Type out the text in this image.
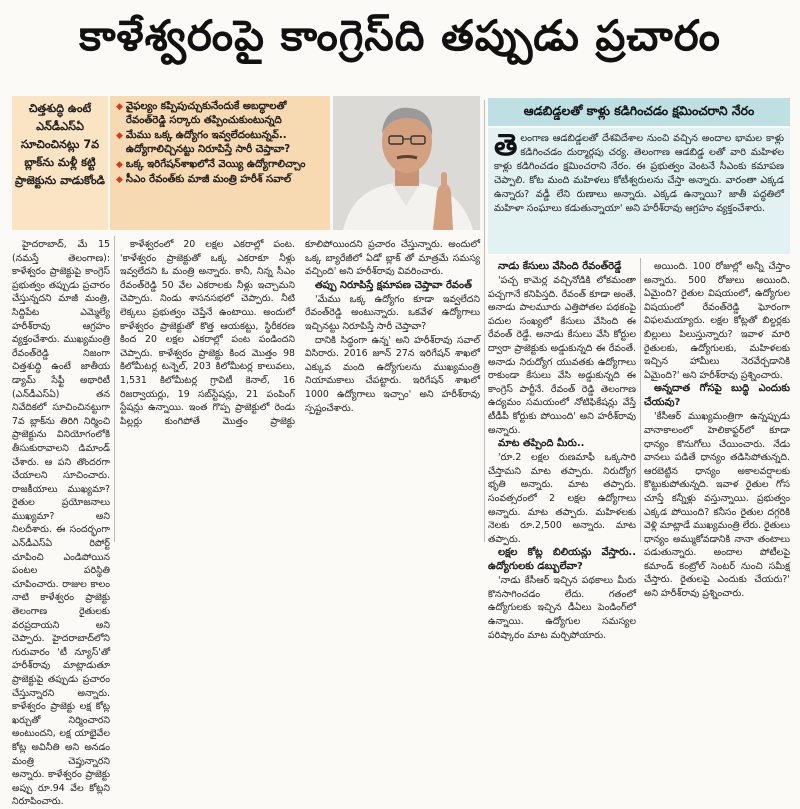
కాళేశ్వరంపై కాంగ్రెస్‌ది తప్పుడు ప్రచారం
చిత్తశుద్ధి ఉంటే ఎన్‌డీఎస్‌ఏ సూచించినట్లు 7వ బ్లాక్‌ను మళ్లీ కట్టి ప్రాజెక్టును వాడుకోండి
◆ వైఫల్యం కప్పిపుచ్చుకునేందుకే అబద్ధాలతో రేవంత్‌రెడ్డి సర్కారు తప్పించుకుంటున్నది
◆ మేము ఒక్క ఉద్యోగం ఇవ్వలేదంటున్నవ్‌.. ఉద్యోగాలిచ్చినట్టు నిరూపిస్తే సారీ చెప్తావా?
◆ ఒక్క ఇరిగేషన్‌శాఖలోనే వెయ్యి ఉద్యోగాలిచ్చాం
◆ సీఎం రేవంత్‌కు మాజీ మంత్రి హరీశ్‌ సవాల్‌
ఆడబిడ్డలతో కాళ్లు కడిగించడం క్షమించరాని నేరం
తె లంగాణ ఆడబిడ్డలతో దేశవిదేశాల నుంచి వచ్చిన అందాల భామల కాళ్లు కడిగించడం దుర్మార్గపు చర్య. తెలంగాణ ఆడబిడ్డ లతో వారి మహిళల కాళ్లు కడిగించడం క్షమించరాని నేరం. ఈ ప్రభుత్వం వెంటనే సీఎంకు కమాపణ చెప్పాలి. కోట మంది మహిళలు కోటీశ్వరులను చేస్తా అన్నారు. వారంతా ఎక్కడ ఉన్నారు? వడ్డీ లేని రుణాలు అన్నారు. ఎక్కడ ఉన్నాయి? జాతీ పద్ధతిలో మహిళా సంఘాలు కడుతున్నాయా' అని హరీశ్‌రావు ఆగ్రహం వ్యక్తంచేశారు.

హైదరాబాద్‌, మే 15 (నమస్తే తెలంగాణ): కాళేశ్వరం ప్రాజెక్టుపై కాంగ్రెస్‌ ప్రభుత్వం తప్పుడు ప్రచారం చేస్తున్నదని మాజీ మంత్రి, సిద్దిపేట ఎమ్మెల్యే హరీశ్‌రావు ఆగ్రహం వ్యక్తంచేశారు. ముఖ్యమంత్రి రేవంత్‌రెడ్డి నిజంగా చిత్తశుద్ధి ఉంటే జాతీయ డ్యామ్‌ సేఫ్టీ అథారిటీ (ఎన్‌డీఎస్‌ఏ) తన నివేదికలో సూచించినట్టుగా 7వ బ్లాక్‌ను తిరిగి నిర్మించి ప్రాజెక్టును వినియోగంలోకి తీసుకురావాలని డిమాండ్‌ చేశారు. ఆ పని తొందరగా చేయాలని సూచించారు. రాజకీయాలు ముఖ్యమా? రైతుల ప్రయోజనాలు ముఖ్యమా? అని నిలదీశారు. ఈ సందర్భంగా ఎన్‌డీఎస్‌ఏ రిపోర్ట్‌ చూపించి ఎండిపోయిన పంటల పరిస్థితి చూపించారు. రాజుల కాలం నాటి కాళేశ్వరం ప్రాజెక్టు తెలంగాణ రైతులకు వరప్రదాయని అని చెప్పారు. హైదరాబాద్‌లోని గురువారం 'టీ న్యూస్‌'తో హరీశ్‌రావు మాట్లాడుతూ ప్రాజెక్టుపై తప్పుడు ప్రచారం చేస్తున్నారని అన్నారు. కాళేశ్వరం ప్రాజెక్టు లక్ష కోట్ల ఖర్చుతో నిర్మించారని అంటుందని, లక్ష యాభైవేల కోట్ల అవినీతి అని అనడం మంత్రి చెప్తున్నారని అన్నారు. కాళేశ్వరం ప్రాజెక్టు అప్పు రూ.94 వేల కోట్లని నిరూపించారు.

కాళేశ్వరంలో 20 లక్షల ఎకరాల్లో పంట. 'కాళేశ్వరం ప్రాజెక్టుతో ఒక్క ఎకరాకూ నీళ్లు ఇవ్వలేదని ఓ మంత్రి అన్నారు. కానీ, నిన్న సీఎం రేవంత్‌రెడ్డి 50 వేల ఎకరాలకు నీళ్లు ఇచ్చామని చెప్పారు. నిండు శాసనసభలో చెప్పారు. నీటి లెక్కలు ప్రభుత్వం చెప్తేనే ఉంటాయి. అందులో కాళేశ్వరం ప్రాజెక్టుతో కొత్త ఆయకట్టు, స్థిరీకరణ కింద 20 లక్షల ఎకరాల్లో పంట పండిందని చెప్పారు. కాళేశ్వరం ప్రాజెక్టు కింద మొత్తం 98 కిలోమీటర్ల టన్నెల్‌, 203 కిలోమీటర్ల కాలువలు, 1,531 కిలోమీటర్ల గ్రావిటీ కెనాల్‌, 16 రిజర్వాయర్లు, 19 సబ్‌స్టేషన్లు, 21 పంపింగ్‌ స్టేషన్లు ఉన్నాయి. ఇంత గొప్ప ప్రాజెక్టులో రెండు పిల్లర్లు కుంగిపోతే మొత్తం ప్రాజెక్టు కూలిపోయిందని ప్రచారం చేస్తున్నారు. అందులో ఒక్క బ్యారేజీలో ఏడో బ్లాక్‌ తో మాత్రమే సమస్య వచ్చింది' అని హరీశ్‌రావు వివరించారు.

తప్పు నిరూపిస్తే క్షమాపణ చెప్తావా రేవంత్‌

'మేము ఒక్క ఉద్యోగం కూడా ఇవ్వలేదని రేవంత్‌రెడ్డి అంటున్నారు. ఒకవేళ ఉద్యోగాలు ఇచ్చినట్టు నిరూపిస్తే సారీ చెప్తావా?

దానికి సిద్ధంగా ఉన్న' అని హరీశ్‌రావు సవాల్‌ విసిరారు. 2016 జూన్‌ 27న ఇరిగేషన్‌ శాఖలో ఎక్కువ మంది ఉద్యోగులను ముఖ్యమంత్రి నియామకాలు చేపట్టారు. ఇరిగేషన్‌ శాఖలో 1000 ఉద్యోగాలు ఇచ్చాం' అని హరీశ్‌రావు స్పష్టంచేశారు.

నాడు కేసులు వేసింది రేవంత్‌రెడ్డే

'పచ్చ కామెర్ల వచ్చినోడికి లోకమంతా పచ్చగానే కనిపిస్తది. రేవంత్‌ కూడా అంతే. అనాడు పాలమూరు ఎత్తిపోతల పథకంపై పదుల సంఖ్యలో కేసులు వేసింది ఈ రేవంత్‌ రెడ్డే. అనాడు కేసులు వేసి కోర్టుల ద్వారా ప్రాజెక్టుకు అడ్డుకున్నది ఈ రేవంతే. అనాడు నిరుద్యోగ యువతకు ఉద్యోగాలు రాకుండా కేసులు వేసి అడ్డుకున్నది ఈ కాంగ్రెస్‌ పార్టీనే. రేవంత్‌ రెడ్డి తెలంగాణ ఉద్యమం సమయంలో నోటిఫికేషన్లు వేస్తే టీడీపీ కోర్టుకు పోయింది' అని హరీశ్‌రావు అన్నారు.

మాట తప్పింది మీరు..

'రూ.2 లక్షల రుణమాఫీ ఒక్కసారి చేస్తామని మాట తప్పారు. నిరుద్యోగ భృతి అన్నారు. మాట తప్పారు. సంవత్సరంలో 2 లక్షల ఉద్యోగాలు అన్నారు. మాట తప్పారు. మహిళలకు నెలకు రూ.2,500 అన్నారు. మాట తప్పారు.

లక్షల కోట్ల బిలియన్లు వేస్తారు.. ఉద్యోగులకు డబ్బులేవా?

'నాడు కేసీఆర్‌ ఇచ్చిన పథకాలు మీరు కొనసాగించడం లేదు. గతంలో ఉద్యోగులకు ఇచ్చిన డీఏలు పెండింగ్‌లో ఉన్నాయి. ఉద్యోగుల సమస్యల పరిష్కారం మాట మర్చిపోయారు.

అయింది. 100 రోజుల్లో అన్నీ చేస్తాం అన్నారు. 500 రోజులు అయింది. ఏమైంది? రైతుల విషయంలో, ఉద్యోగుల విషయంలో రేవంత్‌రెడ్డి ఘోరంగా విఫలమయ్యారు. లక్షల కోట్లతో బిల్డర్లకు బిల్లులు పిలుస్తున్నారు? ఇవాళ మారి రైతులకు, ఉద్యోగులకు, మహిళలకు ఇచ్చిన హామీలు నెరవేర్చడానికి ఏమైంది?' అని హరీశ్‌రావు ప్రశ్నించారు.

అన్నదాత గోసపై బుద్ధి ఎందుకు చేయవు?

'కేసీఆర్‌ ముఖ్యమంత్రిగా ఉన్నప్పుడు వానాకాలంలో హెలికాఫ్టర్‌లో కూడా ధాన్యం కొనుగోలు చేయించారు. నేడు వానలు పడితే ధాన్యం తడిసిపోతున్నది. ఆరబెట్టిన ధాన్యం అకాలవర్షాలకు కొట్టుకుపోతున్నది. ఇవాళ రైతుల గోస చూస్తే కన్నీళ్లు వస్తున్నాయి. ప్రభుత్వం ఎక్కడ పోయింది? కనీసం రైతుల దగ్గరికి వెళ్లి మాట్లాడే ముఖ్యమంత్రి లేరు. రైతులు ధాన్యం అమ్ముకోవడానికి నానా తంటాలు పడుతున్నారు. అందాల పోటీలపై కమాండ్‌ కంట్రోల్‌ సెంటర్‌ నుంచి సమీక్ష చేస్తారు. రైతులపై ఎందుకు చేయరు?' అని హరీశ్‌రావు ప్రశ్నించారు.
